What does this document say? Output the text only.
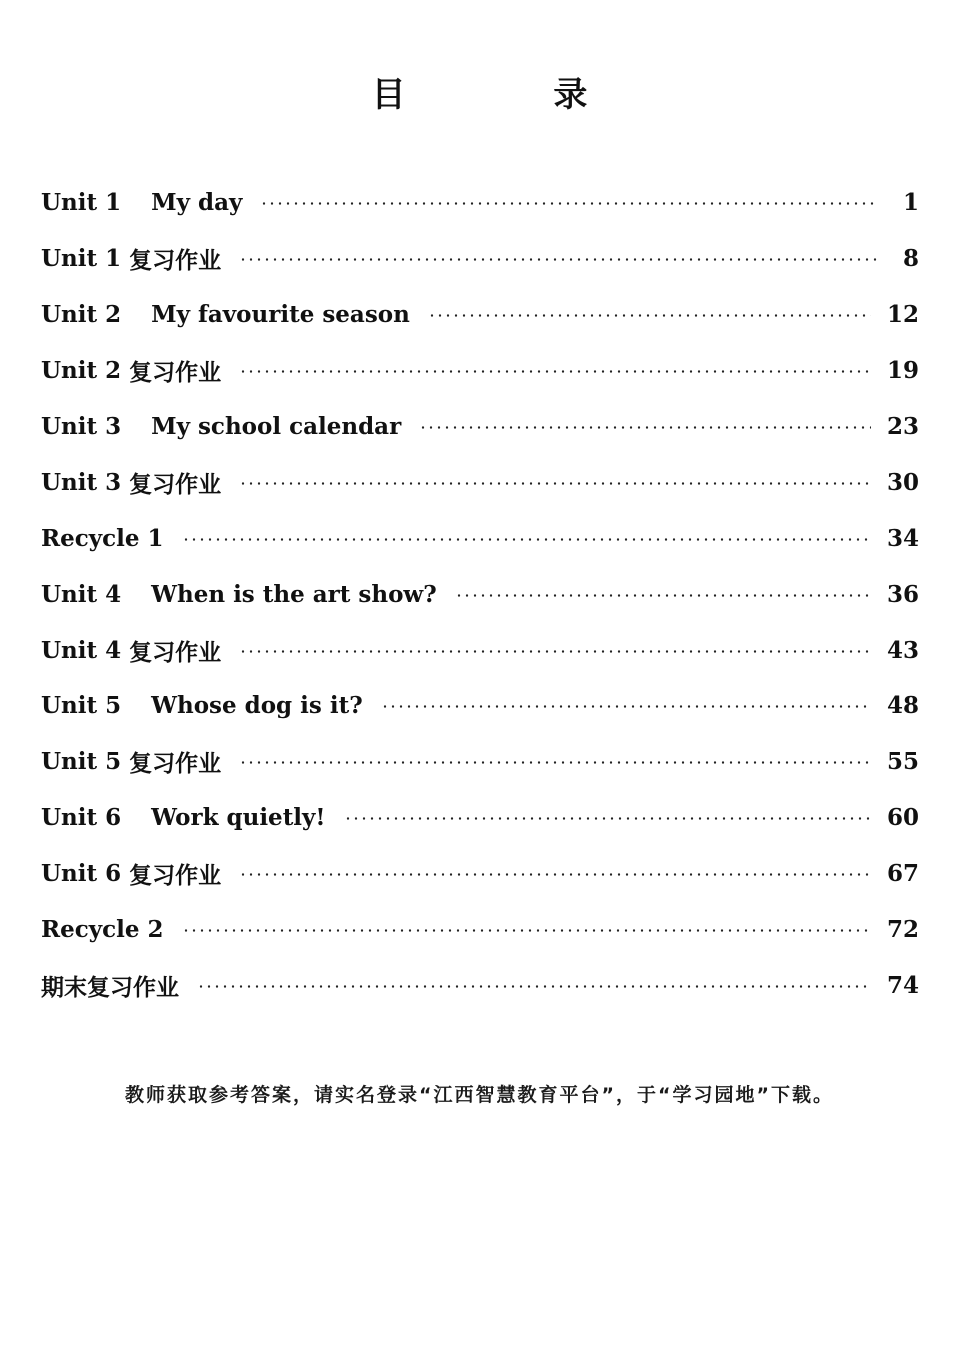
目 录
Unit 1 My day	1
Unit 1 复习作业	8
Unit 2 My favourite season	12
Unit 2 复习作业	19
Unit 3 My school calendar	23
Unit 3 复习作业	30
Recycle 1	34
Unit 4 When is the art show?	36
Unit 4 复习作业	43
Unit 5 Whose dog is it?	48
Unit 5 复习作业	55
Unit 6 Work quietly!	60
Unit 6 复习作业	67
Recycle 2	72
期末复习作业	74
教师获取参考答案，请实名登录“江西智慧教育平台”，于“学习园地”下载。
